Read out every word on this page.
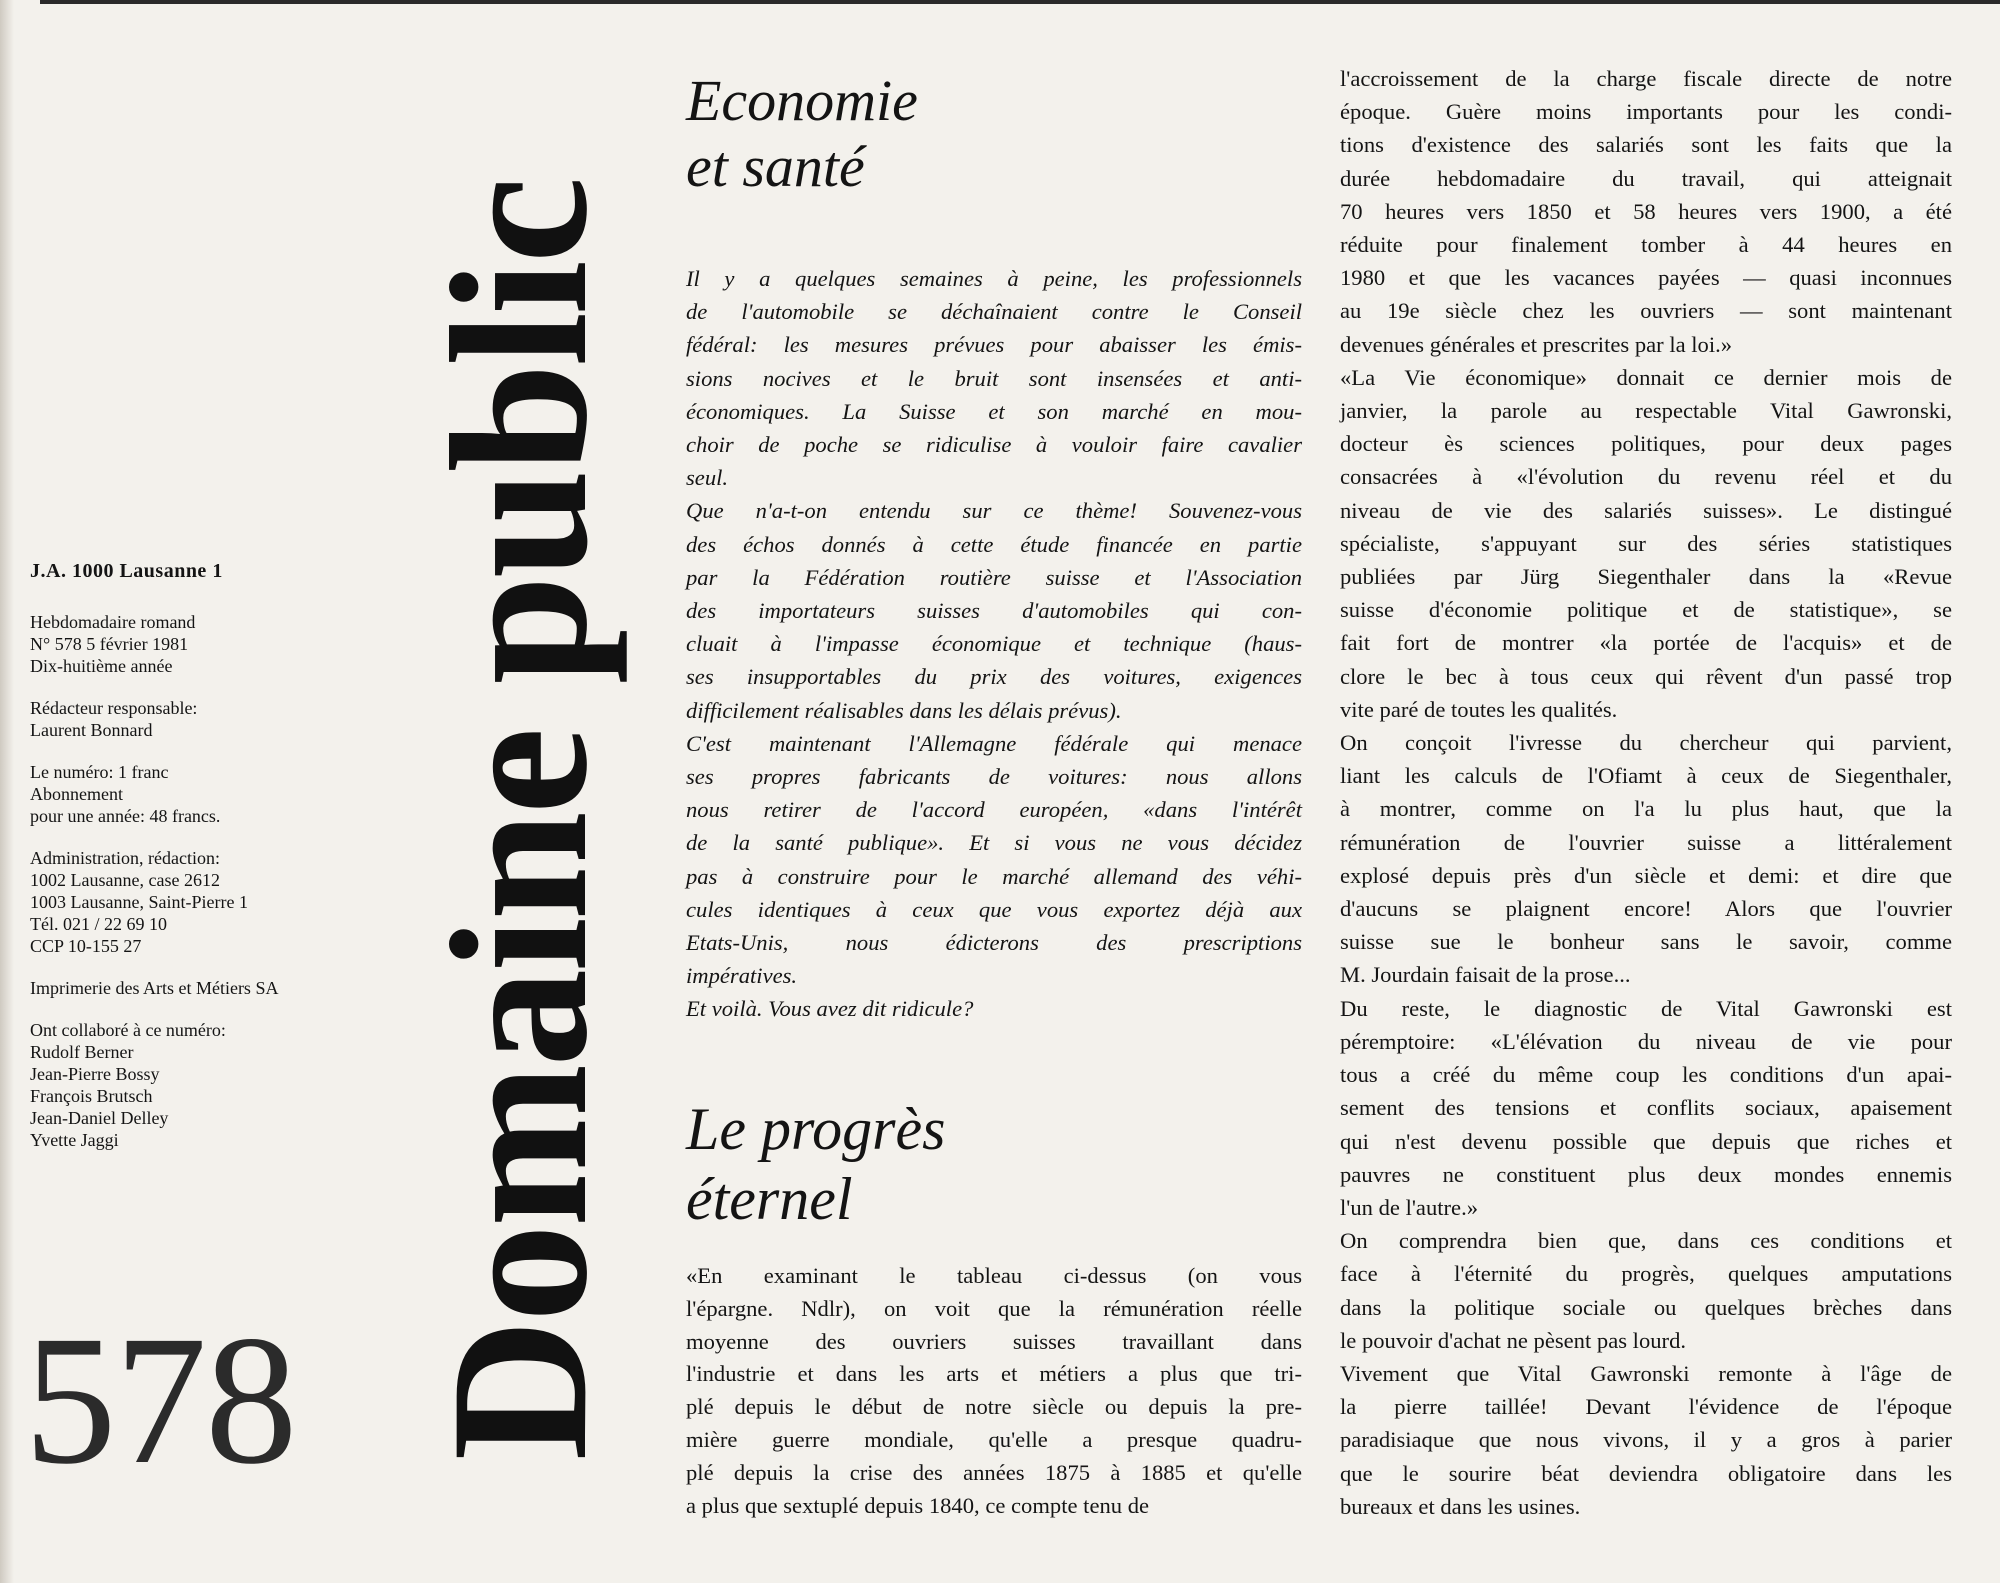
J.A. 1000 Lausanne 1
Hebdomadaire romand
N° 578 5 février 1981
Dix-huitième année
Rédacteur responsable:
Laurent Bonnard
Le numéro: 1 franc
Abonnement
pour une année: 48 francs.
Administration, rédaction:
1002 Lausanne, case 2612
1003 Lausanne, Saint-Pierre 1
Tél. 021 / 22 69 10
CCP 10-155 27
Imprimerie des Arts et Métiers SA
Ont collaboré à ce numéro:
Rudolf Berner
Jean-Pierre Bossy
François Brutsch
Jean-Daniel Delley
Yvette Jaggi
578 Domaine public
Economie
et santé
Il y a quelques semaines à peine, les professionnels
de l'automobile se déchaînaient contre le Conseil
fédéral: les mesures prévues pour abaisser les émis-
sions nocives et le bruit sont insensées et anti-
économiques. La Suisse et son marché en mou-
choir de poche se ridiculise à vouloir faire cavalier
seul.
Que n'a-t-on entendu sur ce thème! Souvenez-vous
des échos donnés à cette étude financée en partie
par la Fédération routière suisse et l'Association
des importateurs suisses d'automobiles qui con-
cluait à l'impasse économique et technique (haus-
ses insupportables du prix des voitures, exigences
difficilement réalisables dans les délais prévus).
C'est maintenant l'Allemagne fédérale qui menace
ses propres fabricants de voitures: nous allons
nous retirer de l'accord européen, «dans l'intérêt
de la santé publique». Et si vous ne vous décidez
pas à construire pour le marché allemand des véhi-
cules identiques à ceux que vous exportez déjà aux
Etats-Unis, nous édicterons des prescriptions
impératives.
Et voilà. Vous avez dit ridicule?
Le progrès
éternel
«En examinant le tableau ci-dessus (on vous
l'épargne. Ndlr), on voit que la rémunération réelle
moyenne des ouvriers suisses travaillant dans
l'industrie et dans les arts et métiers a plus que tri-
plé depuis le début de notre siècle ou depuis la pre-
mière guerre mondiale, qu'elle a presque quadru-
plé depuis la crise des années 1875 à 1885 et qu'elle
a plus que sextuplé depuis 1840, ce compte tenu de
l'accroissement de la charge fiscale directe de notre
époque. Guère moins importants pour les condi-
tions d'existence des salariés sont les faits que la
durée hebdomadaire du travail, qui atteignait
70 heures vers 1850 et 58 heures vers 1900, a été
réduite pour finalement tomber à 44 heures en
1980 et que les vacances payées — quasi inconnues
au 19e siècle chez les ouvriers — sont maintenant
devenues générales et prescrites par la loi.»
«La Vie économique» donnait ce dernier mois de
janvier, la parole au respectable Vital Gawronski,
docteur ès sciences politiques, pour deux pages
consacrées à «l'évolution du revenu réel et du
niveau de vie des salariés suisses». Le distingué
spécialiste, s'appuyant sur des séries statistiques
publiées par Jürg Siegenthaler dans la «Revue
suisse d'économie politique et de statistique», se
fait fort de montrer «la portée de l'acquis» et de
clore le bec à tous ceux qui rêvent d'un passé trop
vite paré de toutes les qualités.
On conçoit l'ivresse du chercheur qui parvient,
liant les calculs de l'Ofiamt à ceux de Siegenthaler,
à montrer, comme on l'a lu plus haut, que la
rémunération de l'ouvrier suisse a littéralement
explosé depuis près d'un siècle et demi: et dire que
d'aucuns se plaignent encore! Alors que l'ouvrier
suisse sue le bonheur sans le savoir, comme
M. Jourdain faisait de la prose...
Du reste, le diagnostic de Vital Gawronski est
péremptoire: «L'élévation du niveau de vie pour
tous a créé du même coup les conditions d'un apai-
sement des tensions et conflits sociaux, apaisement
qui n'est devenu possible que depuis que riches et
pauvres ne constituent plus deux mondes ennemis
l'un de l'autre.»
On comprendra bien que, dans ces conditions et
face à l'éternité du progrès, quelques amputations
dans la politique sociale ou quelques brèches dans
le pouvoir d'achat ne pèsent pas lourd.
Vivement que Vital Gawronski remonte à l'âge de
la pierre taillée! Devant l'évidence de l'époque
paradisiaque que nous vivons, il y a gros à parier
que le sourire béat deviendra obligatoire dans les
bureaux et dans les usines.
